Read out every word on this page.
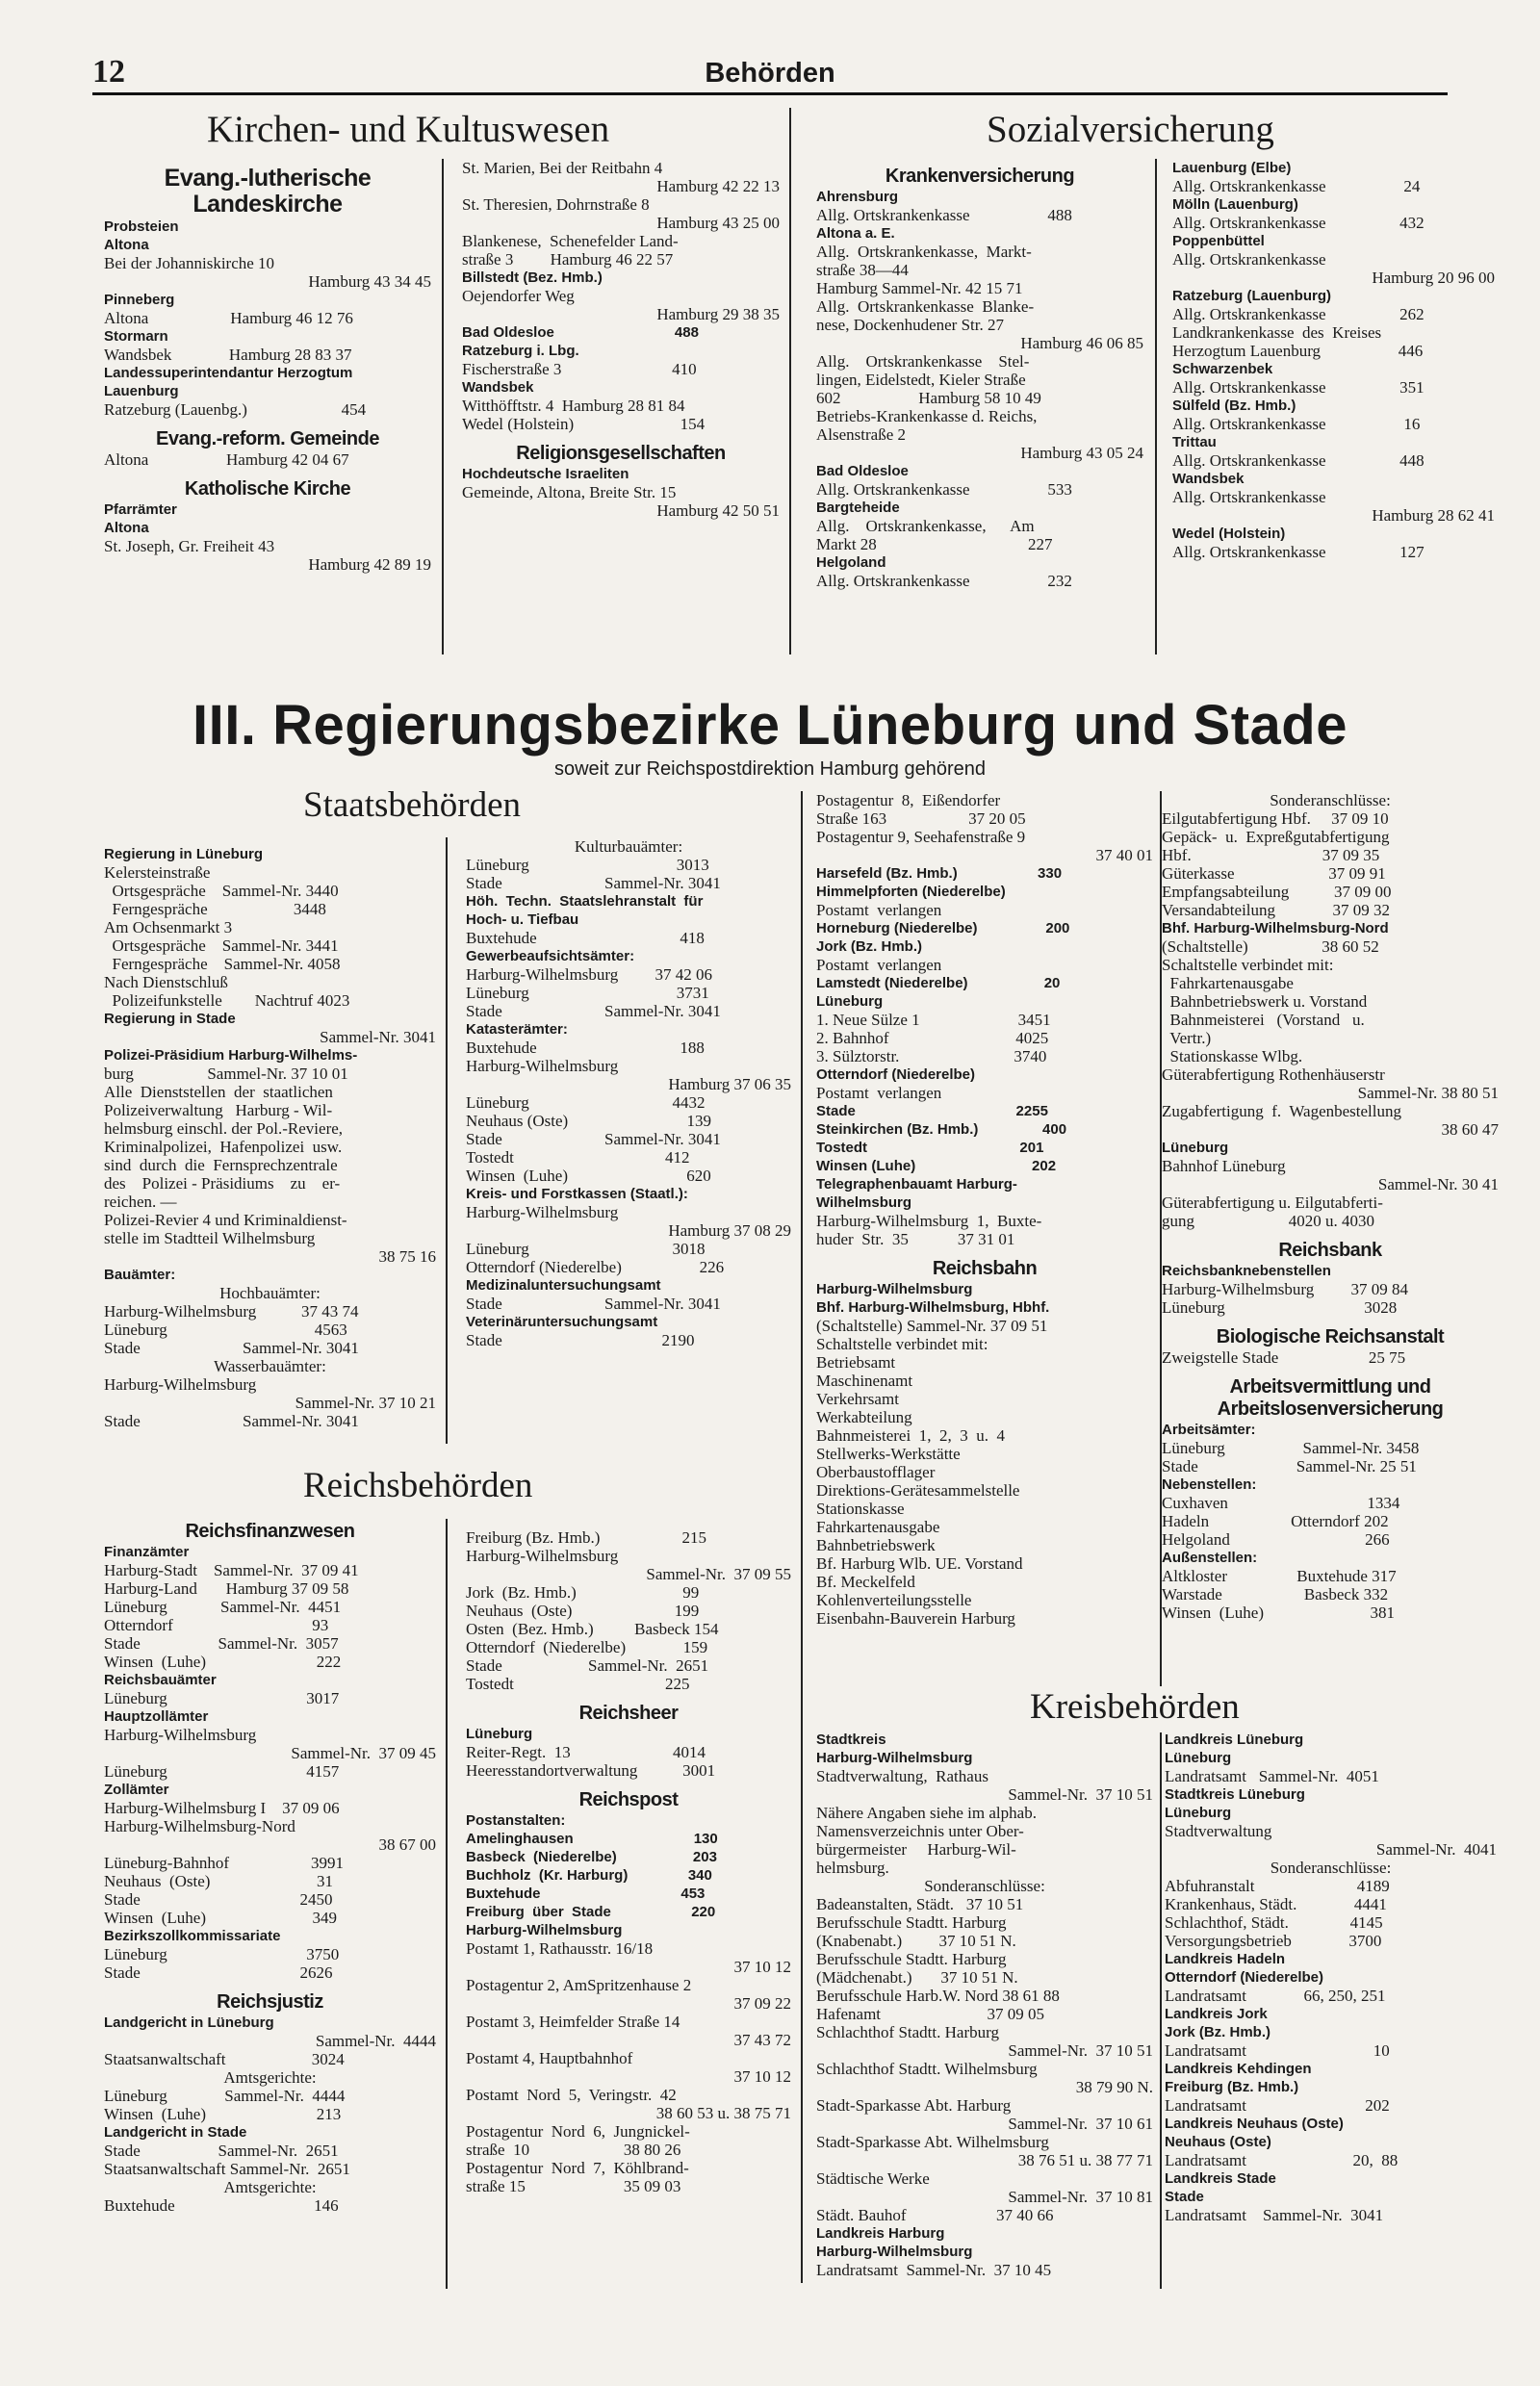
12	Behörden
Kirchen- und Kultuswesen	Sozialversicherung
Evang.-lutherische
Landeskirche
Probsteien
Altona
Bei der Johanniskirche 10
Hamburg 43 34 45
Pinneberg
Altona                    Hamburg 46 12 76
Stormarn
Wandsbek              Hamburg 28 83 37
Landessuperintendantur Herzogtum
Lauenburg
Ratzeburg (Lauenbg.)                       454
Evang.-reform. Gemeinde
Altona                   Hamburg 42 04 67
Katholische Kirche
Pfarrämter
Altona
St. Joseph, Gr. Freiheit 43
Hamburg 42 89 19
St. Marien, Bei der Reitbahn 4
Hamburg 42 22 13
St. Theresien, Dohrnstraße 8
Hamburg 43 25 00
Blankenese,  Schenefelder Land-
straße 3         Hamburg 46 22 57
Billstedt (Bez. Hmb.)
Oejendorfer Weg
Hamburg 29 38 35
Bad Oldesloe                              488
Ratzeburg i. Lbg.
Fischerstraße 3                           410
Wandsbek
Witthöfftstr. 4  Hamburg 28 81 84
Wedel (Holstein)                          154
Religionsgesellschaften
Hochdeutsche Israeliten
Gemeinde, Altona, Breite Str. 15
Hamburg 42 50 51
Krankenversicherung
Ahrensburg
Allg. Ortskrankenkasse                   488
Altona a. E.
Allg.  Ortskrankenkasse,  Markt-
straße 38—44
Hamburg Sammel-Nr. 42 15 71
Allg.  Ortskrankenkasse  Blanke-
nese, Dockenhudener Str. 27
Hamburg 46 06 85
Allg.    Ortskrankenkasse    Stel-
lingen, Eidelstedt, Kieler Straße
602                   Hamburg 58 10 49
Betriebs-Krankenkasse d. Reichs,
Alsenstraße 2
Hamburg 43 05 24
Bad Oldesloe
Allg. Ortskrankenkasse                   533
Bargteheide
Allg.    Ortskrankenkasse,      Am
Markt 28                                     227
Helgoland
Allg. Ortskrankenkasse                   232
Lauenburg (Elbe)
Allg. Ortskrankenkasse                   24
Mölln (Lauenburg)
Allg. Ortskrankenkasse                  432
Poppenbüttel
Allg. Ortskrankenkasse
Hamburg 20 96 00
Ratzeburg (Lauenburg)
Allg. Ortskrankenkasse                  262
Landkrankenkasse  des  Kreises
Herzogtum Lauenburg                   446
Schwarzenbek
Allg. Ortskrankenkasse                  351
Sülfeld (Bz. Hmb.)
Allg. Ortskrankenkasse                   16
Trittau
Allg. Ortskrankenkasse                  448
Wandsbek
Allg. Ortskrankenkasse
Hamburg 28 62 41
Wedel (Holstein)
Allg. Ortskrankenkasse                  127
III. Regierungsbezirke Lüneburg und Stade
soweit zur Reichspostdirektion Hamburg gehörend
Staatsbehörden
Regierung in Lüneburg
Kelersteinstraße
Ortsgespräche    Sammel-Nr. 3440
Ferngespräche                     3448
Am Ochsenmarkt 3
Ortsgespräche    Sammel-Nr. 3441
Ferngespräche    Sammel-Nr. 4058
Nach Dienstschluß
Polizeifunkstelle        Nachtruf 4023
Regierung in Stade
Sammel-Nr. 3041
Polizei-Präsidium Harburg-Wilhelms-
burg                  Sammel-Nr. 37 10 01
Alle  Dienststellen  der  staatlichen
Polizeiverwaltung   Harburg - Wil-
helmsburg einschl. der Pol.-Reviere,
Kriminalpolizei,  Hafenpolizei  usw.
sind  durch  die  Fernsprechzentrale
des    Polizei - Präsidiums    zu    er-
reichen. —
Polizei-Revier 4 und Kriminaldienst-
stelle im Stadtteil Wilhelmsburg
38 75 16
Bauämter:
Hochbauämter:
Harburg-Wilhelmsburg           37 43 74
Lüneburg                                    4563
Stade                         Sammel-Nr. 3041
Wasserbauämter:
Harburg-Wilhelmsburg
Sammel-Nr. 37 10 21
Stade                         Sammel-Nr. 3041
Kulturbauämter:
Lüneburg                                    3013
Stade                         Sammel-Nr. 3041
Höh.  Techn.  Staatslehranstalt  für
Hoch- u. Tiefbau
Buxtehude                                   418
Gewerbeaufsichtsämter:
Harburg-Wilhelmsburg         37 42 06
Lüneburg                                    3731
Stade                         Sammel-Nr. 3041
Katasterämter:
Buxtehude                                   188
Harburg-Wilhelmsburg
Hamburg 37 06 35
Lüneburg                                   4432
Neuhaus (Oste)                             139
Stade                         Sammel-Nr. 3041
Tostedt                                     412
Winsen  (Luhe)                             620
Kreis- und Forstkassen (Staatl.):
Harburg-Wilhelmsburg
Hamburg 37 08 29
Lüneburg                                   3018
Otterndorf (Niederelbe)                   226
Medizinaluntersuchungsamt
Stade                         Sammel-Nr. 3041
Veterinäruntersuchungsamt
Stade                                       2190
Postagentur  8,  Eißendorfer
Straße 163                    37 20 05
Postagentur 9, Seehafenstraße 9
37 40 01
Harsefeld (Bz. Hmb.)                    330
Himmelpforten (Niederelbe)
Postamt  verlangen
Horneburg (Niederelbe)                 200
Jork (Bz. Hmb.)
Postamt  verlangen
Lamstedt (Niederelbe)                   20
Lüneburg
1. Neue Sülze 1                        3451
2. Bahnhof                               4025
3. Sülztorstr.                            3740
Otterndorf (Niederelbe)
Postamt  verlangen
Stade                                        2255
Steinkirchen (Bz. Hmb.)                400
Tostedt                                      201
Winsen (Luhe)                             202
Telegraphenbauamt Harburg-
Wilhelmsburg
Harburg-Wilhelmsburg  1,  Buxte-
huder  Str.  35            37 31 01
Reichsbahn
Harburg-Wilhelmsburg
Bhf. Harburg-Wilhelmsburg, Hbhf.
(Schaltstelle) Sammel-Nr. 37 09 51
Schaltstelle verbindet mit:
Betriebsamt
Maschinenamt
Verkehrsamt
Werkabteilung
Bahnmeisterei  1,  2,  3  u.  4
Stellwerks-Werkstätte
Oberbaustofflager
Direktions-Gerätesammelstelle
Stationskasse
Fahrkartenausgabe
Bahnbetriebswerk
Bf. Harburg Wlb. UE. Vorstand
Bf. Meckelfeld
Kohlenverteilungsstelle
Eisenbahn-Bauverein Harburg
Sonderanschlüsse:
Eilgutabfertigung Hbf.     37 09 10
Gepäck-  u.  Expreßgutabfertigung
Hbf.                                37 09 35
Güterkasse                       37 09 91
Empfangsabteilung           37 09 00
Versandabteilung              37 09 32
Bhf. Harburg-Wilhelmsburg-Nord
(Schaltstelle)                  38 60 52
Schaltstelle verbindet mit:
Fahrkartenausgabe
Bahnbetriebswerk u. Vorstand
Bahnmeisterei   (Vorstand   u.
Vertr.)
Stationskasse Wlbg.
Güterabfertigung Rothenhäuserstr
Sammel-Nr. 38 80 51
Zugabfertigung  f.  Wagenbestellung
38 60 47
Lüneburg
Bahnhof Lüneburg
Sammel-Nr. 30 41
Güterabfertigung u. Eilgutabferti-
gung                       4020 u. 4030
Reichsbank
Reichsbanknebenstellen
Harburg-Wilhelmsburg         37 09 84
Lüneburg                                  3028
Biologische Reichsanstalt
Zweigstelle Stade                      25 75
Arbeitsvermittlung und
Arbeitslosenversicherung
Arbeitsämter:
Lüneburg                   Sammel-Nr. 3458
Stade                        Sammel-Nr. 25 51
Nebenstellen:
Cuxhaven                                  1334
Hadeln                    Otterndorf 202
Helgoland                                 266
Außenstellen:
Altkloster                 Buxtehude 317
Warstade                    Basbeck 332
Winsen  (Luhe)                          381
Reichsbehörden
Reichsfinanzwesen
Finanzämter
Harburg-Stadt    Sammel-Nr.  37 09 41
Harburg-Land       Hamburg 37 09 58
Lüneburg             Sammel-Nr.  4451
Otterndorf                                  93
Stade                   Sammel-Nr.  3057
Winsen  (Luhe)                           222
Reichsbauämter
Lüneburg                                  3017
Hauptzollämter
Harburg-Wilhelmsburg
Sammel-Nr.  37 09 45
Lüneburg                                  4157
Zollämter
Harburg-Wilhelmsburg I    37 09 06
Harburg-Wilhelmsburg-Nord
38 67 00
Lüneburg-Bahnhof                    3991
Neuhaus  (Oste)                          31
Stade                                       2450
Winsen  (Luhe)                          349
Bezirkszollkommissariate
Lüneburg                                  3750
Stade                                       2626
Reichsjustiz
Landgericht in Lüneburg
Sammel-Nr.  4444
Staatsanwaltschaft                     3024
Amtsgerichte:
Lüneburg              Sammel-Nr.  4444
Winsen  (Luhe)                           213
Landgericht in Stade
Stade                   Sammel-Nr.  2651
Staatsanwaltschaft Sammel-Nr.  2651
Amtsgerichte:
Buxtehude                                  146
Freiburg (Bz. Hmb.)                    215
Harburg-Wilhelmsburg
Sammel-Nr.  37 09 55
Jork  (Bz. Hmb.)                          99
Neuhaus  (Oste)                         199
Osten  (Bez. Hmb.)          Basbeck 154
Otterndorf  (Niederelbe)              159
Stade                     Sammel-Nr.  2651
Tostedt                                     225
Reichsheer
Lüneburg
Reiter-Regt.  13                         4014
Heeresstandortverwaltung           3001
Reichspost
Postanstalten:
Amelinghausen                              130
Basbeck  (Niederelbe)                   203
Buchholz  (Kr. Harburg)               340
Buxtehude                                   453
Freiburg  über  Stade                    220
Harburg-Wilhelmsburg
Postamt 1, Rathausstr. 16/18
37 10 12
Postagentur 2, AmSpritzenhause 2
37 09 22
Postamt 3, Heimfelder Straße 14
37 43 72
Postamt 4, Hauptbahnhof
37 10 12
Postamt  Nord  5,  Veringstr.  42
38 60 53 u. 38 75 71
Postagentur  Nord  6,  Jungnickel-
straße  10                       38 80 26
Postagentur  Nord  7,  Köhlbrand-
straße 15                        35 09 03
Kreisbehörden
Stadtkreis
Harburg-Wilhelmsburg
Stadtverwaltung,  Rathaus
Sammel-Nr.  37 10 51
Nähere Angaben siehe im alphab.
Namensverzeichnis unter Ober-
bürgermeister     Harburg-Wil-
helmsburg.
Sonderanschlüsse:
Badeanstalten, Städt.   37 10 51
Berufsschule Stadtt. Harburg
(Knabenabt.)         37 10 51 N.
Berufsschule Stadtt. Harburg
(Mädchenabt.)       37 10 51 N.
Berufsschule Harb.W. Nord 38 61 88
Hafenamt                          37 09 05
Schlachthof Stadtt. Harburg
Sammel-Nr.  37 10 51
Schlachthof Stadtt. Wilhelmsburg
38 79 90 N.
Stadt-Sparkasse Abt. Harburg
Sammel-Nr.  37 10 61
Stadt-Sparkasse Abt. Wilhelmsburg
38 76 51 u. 38 77 71
Städtische Werke
Sammel-Nr.  37 10 81
Städt. Bauhof                      37 40 66
Landkreis Harburg
Harburg-Wilhelmsburg
Landratsamt  Sammel-Nr.  37 10 45
Landkreis Lüneburg
Lüneburg
Landratsamt   Sammel-Nr.  4051
Stadtkreis Lüneburg
Lüneburg
Stadtverwaltung
Sammel-Nr.  4041
Sonderanschlüsse:
Abfuhranstalt                         4189
Krankenhaus, Städt.              4441
Schlachthof, Städt.               4145
Versorgungsbetrieb              3700
Landkreis Hadeln
Otterndorf (Niederelbe)
Landratsamt              66, 250, 251
Landkreis Jork
Jork (Bz. Hmb.)
Landratsamt                               10
Landkreis Kehdingen
Freiburg (Bz. Hmb.)
Landratsamt                             202
Landkreis Neuhaus (Oste)
Neuhaus (Oste)
Landratsamt                          20,  88
Landkreis Stade
Stade
Landratsamt    Sammel-Nr.  3041
